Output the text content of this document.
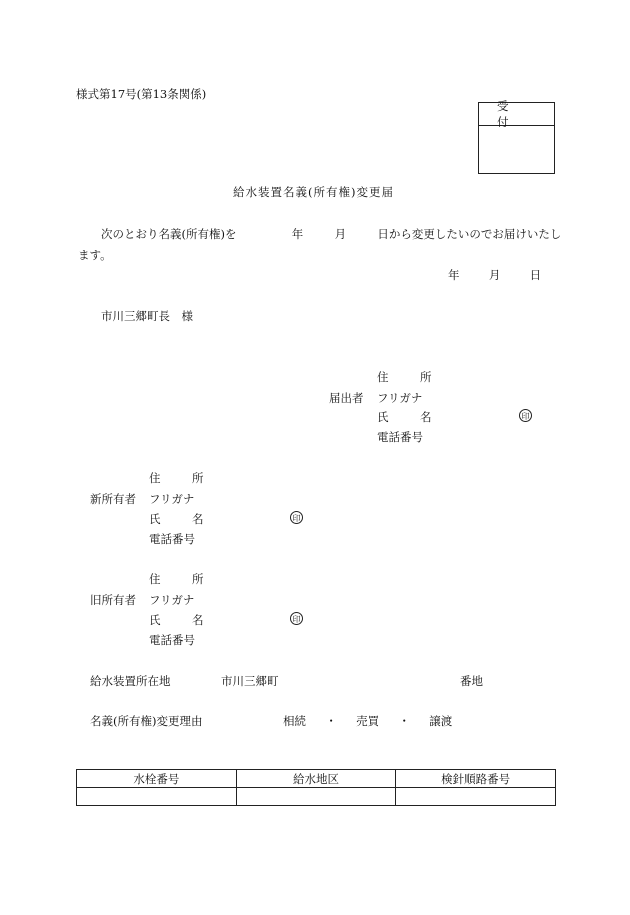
様式第17号(第13条関係)
受付
給水装置名義(所有権)変更届
次のとおり名義(所有権)を	年	月	日から変更したいのでお届けいたし
ます。
年	月	日
市川三郷町長　様
届出者
住　所
フリガナ
氏　名	印
電話番号
新所有者
住　所
フリガナ
氏　名	印
電話番号
旧所有者
住　所
フリガナ
氏　名	印
電話番号
給水装置所在地	市川三郷町	番地
名義(所有権)変更理由	相続 ・ 売買 ・ 譲渡
水栓番号	給水地区	検針順路番号
